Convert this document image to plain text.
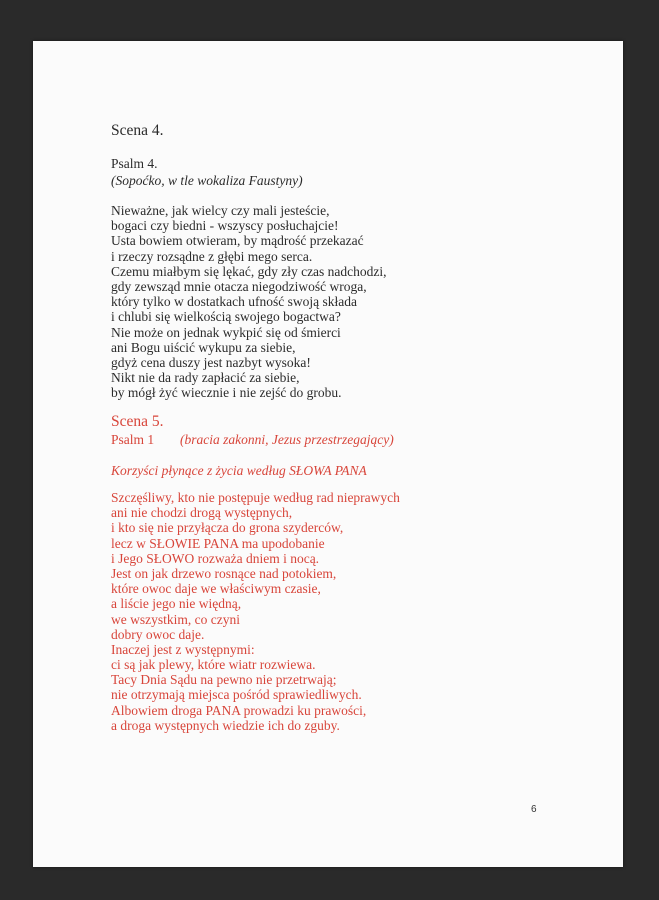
Scena 4.
Psalm 4.
(Sopoćko, w tle wokaliza Faustyny)
Nieważne, jak wielcy czy mali jesteście,
bogaci czy biedni - wszyscy posłuchajcie!
Usta bowiem otwieram, by mądrość przekazać
i rzeczy rozsądne z głębi mego serca.
Czemu miałbym się lękać, gdy zły czas nadchodzi,
gdy zewsząd mnie otacza niegodziwość wroga,
który tylko w dostatkach ufność swoją składa
i chlubi się wielkością swojego bogactwa?
Nie może on jednak wykpić się od śmierci
ani Bogu uiścić wykupu za siebie,
gdyż cena duszy jest nazbyt wysoka!
Nikt nie da rady zapłacić za siebie,
by mógł żyć wiecznie i nie zejść do grobu.
Scena 5.
Psalm 1 (bracia zakonni, Jezus przestrzegający)
Korzyści płynące z życia według SŁOWA PANA
Szczęśliwy, kto nie postępuje według rad nieprawych
ani nie chodzi drogą występnych,
i kto się nie przyłącza do grona szyderców,
lecz w SŁOWIE PANA ma upodobanie
i Jego SŁOWO rozważa dniem i nocą.
Jest on jak drzewo rosnące nad potokiem,
które owoc daje we właściwym czasie,
a liście jego nie więdną,
we wszystkim, co czyni
dobry owoc daje.
Inaczej jest z występnymi:
ci są jak plewy, które wiatr rozwiewa.
Tacy Dnia Sądu na pewno nie przetrwają;
nie otrzymają miejsca pośród sprawiedliwych.
Albowiem droga PANA prowadzi ku prawości,
a droga występnych wiedzie ich do zguby.
6
